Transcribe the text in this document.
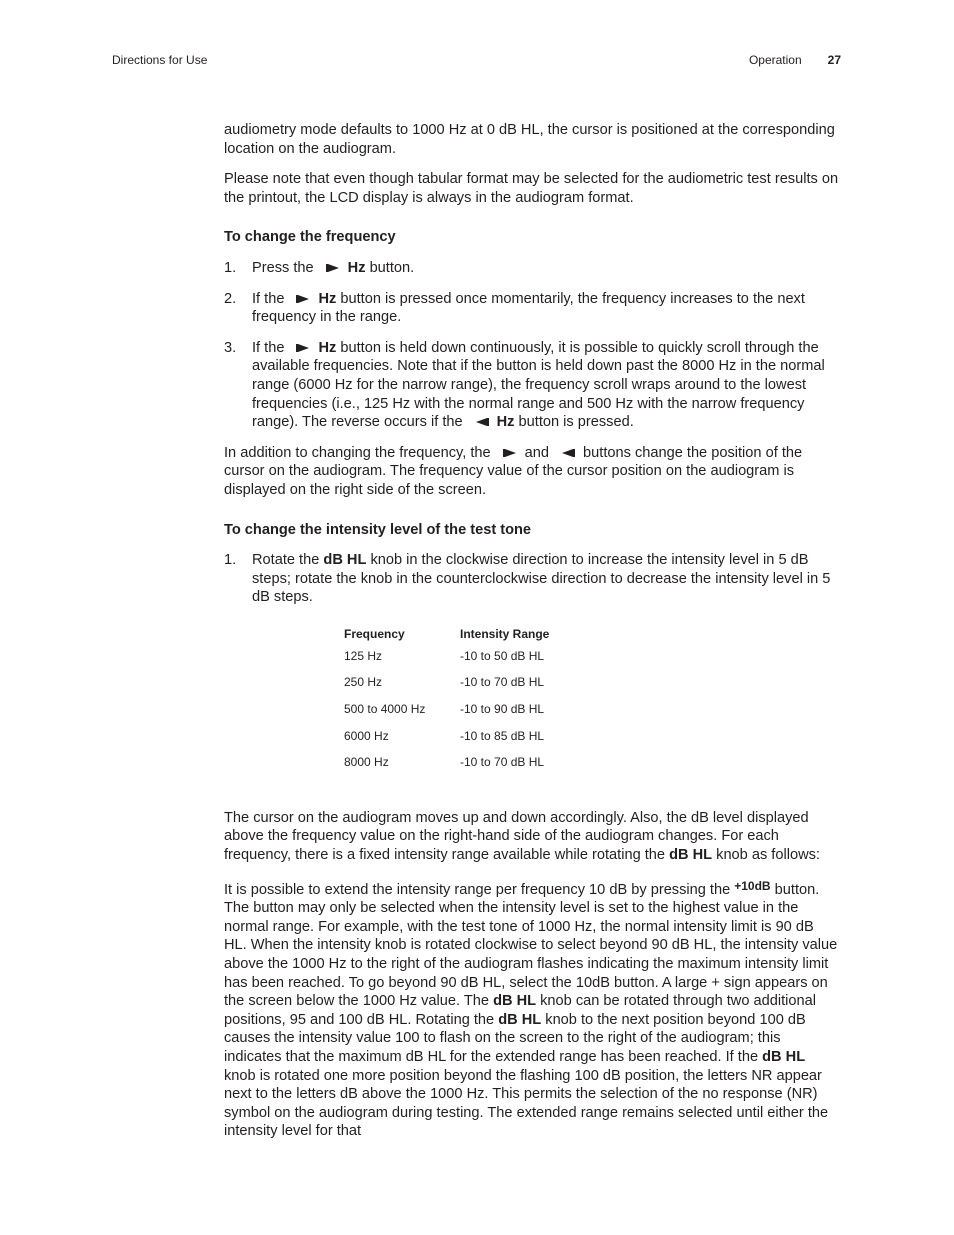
Directions for Use	Operation 27

audiometry mode defaults to 1000 Hz at 0 dB HL, the cursor is positioned at the corresponding location on the audiogram.

Please note that even though tabular format may be selected for the audiometric test results on the printout, the LCD display is always in the audiogram format.

To change the frequency
1. Press the Hz button.
2. If the Hz button is pressed once momentarily, the frequency increases to the next frequency in the range.
3. If the Hz button is held down continuously, it is possible to quickly scroll through the available frequencies. Note that if the button is held down past the 8000 Hz in the normal range (6000 Hz for the narrow range), the frequency scroll wraps around to the lowest frequencies (i.e., 125 Hz with the normal range and 500 Hz with the narrow frequency range). The reverse occurs if the Hz button is pressed.

In addition to changing the frequency, the and buttons change the position of the cursor on the audiogram. The frequency value of the cursor position on the audiogram is displayed on the right side of the screen.

To change the intensity level of the test tone
1. Rotate the dB HL knob in the clockwise direction to increase the intensity level in 5 dB steps; rotate the knob in the counterclockwise direction to decrease the intensity level in 5 dB steps.
Frequency	Intensity Range
125 Hz	-10 to 50 dB HL
250 Hz	-10 to 70 dB HL
500 to 4000 Hz	-10 to 90 dB HL
6000 Hz	-10 to 85 dB HL
8000 Hz	-10 to 70 dB HL

The cursor on the audiogram moves up and down accordingly. Also, the dB level displayed above the frequency value on the right-hand side of the audiogram changes. For each frequency, there is a fixed intensity range available while rotating the dB HL knob as follows:

It is possible to extend the intensity range per frequency 10 dB by pressing the $^{+10dB}$ button. The button may only be selected when the intensity level is set to the highest value in the normal range. For example, with the test tone of 1000 Hz, the normal intensity limit is 90 dB HL. When the intensity knob is rotated clockwise to select beyond 90 dB HL, the intensity value above the 1000 Hz to the right of the audiogram flashes indicating the maximum intensity limit has been reached. To go beyond 90 dB HL, select the 10dB button. A large + sign appears on the screen below the 1000 Hz value. The dB HL knob can be rotated through two additional positions, 95 and 100 dB HL. Rotating the dB HL knob to the next position beyond 100 dB causes the intensity value 100 to flash on the screen to the right of the audiogram; this indicates that the maximum dB HL for the extended range has been reached. If the dB HL knob is rotated one more position beyond the flashing 100 dB position, the letters NR appear next to the letters dB above the 1000 Hz. This permits the selection of the no response (NR) symbol on the audiogram during testing. The extended range remains selected until either the intensity level for that
